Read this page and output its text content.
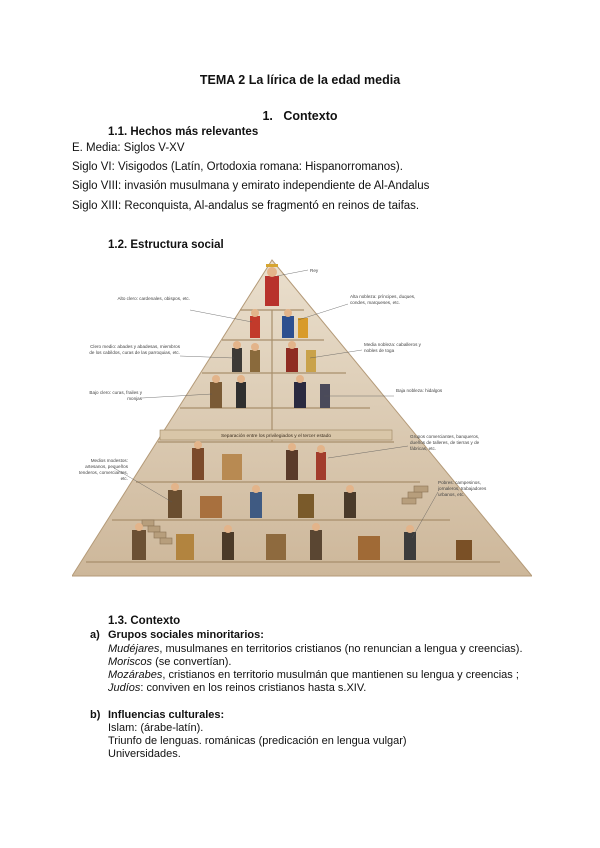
TEMA 2 La lírica de la edad media
1. Contexto
1.1. Hechos más relevantes
E. Media: Siglos V-XV
Siglo VI: Visigodos (Latín, Ortodoxia romana: Hispanorromanos).
Siglo VIII: invasión musulmana y emirato independiente de Al-Andalus
Siglo XIII: Reconquista, Al-andalus se fragmentó en reinos de taifas.
1.2. Estructura social
Separación entre los privilegiados y el tercer estado
Rey
Alto clero: cardenales, obispos, etc.	Alta nobleza: príncipes, duques, condes, marqueses, etc.
Clero medio: abades y abadesas, miembros de los cabildos, curas de las parroquias, etc.
Media nobleza: caballeros y nobles de toga
Bajo clero: curas, frailes y monjas
Baja nobleza: hidalgos
Grupos comerciantes, banqueros, dueños de talleres, de tierras y de fábricas, etc.
Medios modestos: artesanos, pequeños tenderos, comerciantes, etc.
Pobres: campesinos, jornaleros, trabajadores urbanos, etc.
1.3. Contexto
a) Grupos sociales minoritarios:
Mudéjares, musulmanes en territorios cristianos (no renuncian a lengua y creencias).
Moriscos (se convertían).
Mozárabes, cristianos en territorio musulmán que mantienen su lengua y creencias ;
Judíos: conviven en los reinos cristianos hasta s.XIV.
b) Influencias culturales:
Islam: (árabe-latín).
Triunfo de lenguas. románicas (predicación en lengua vulgar)
Universidades.
